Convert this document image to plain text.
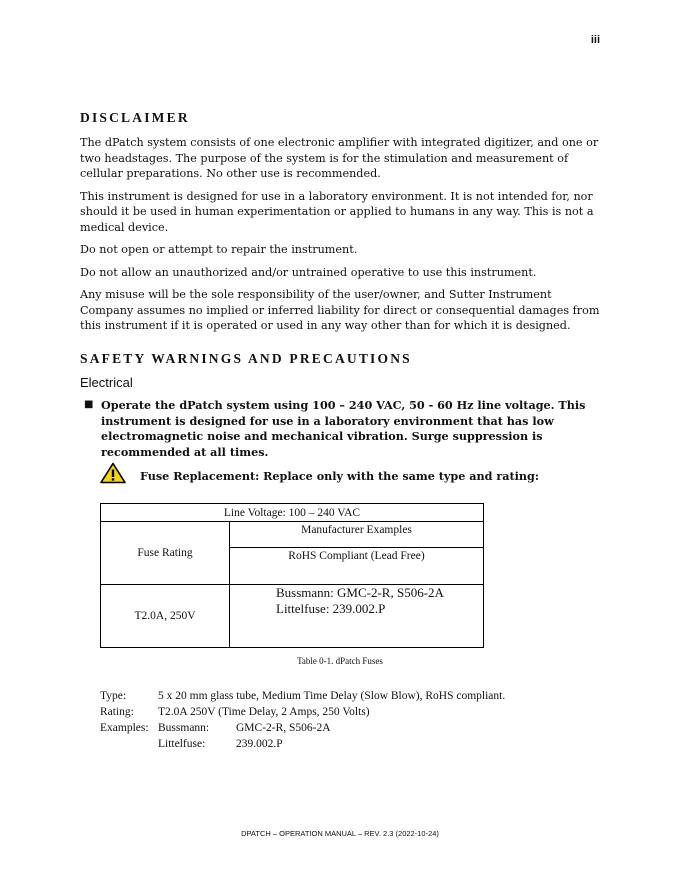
iii
DISCLAIMER

The dPatch system consists of one electronic amplifier with integrated digitizer, and one or two headstages. The purpose of the system is for the stimulation and measurement of cellular preparations. No other use is recommended.

This instrument is designed for use in a laboratory environment. It is not intended for, nor should it be used in human experimentation or applied to humans in any way. This is not a medical device.

Do not open or attempt to repair the instrument.

Do not allow an unauthorized and/or untrained operative to use this instrument.

Any misuse will be the sole responsibility of the user/owner, and Sutter Instrument Company assumes no implied or inferred liability for direct or consequential damages from this instrument if it is operated or used in any way other than for which it is designed.

SAFETY WARNINGS AND PRECAUTIONS
Electrical
■ Operate the dPatch system using 100 – 240 VAC, 50 - 60 Hz line voltage. This instrument is designed for use in a laboratory environment that has low electromagnetic noise and mechanical vibration. Surge suppression is recommended at all times.
Fuse Replacement: Replace only with the same type and rating:
Line Voltage: 100 – 240 VAC	
Fuse Rating	Manufacturer Examples
	RoHS Compliant (Lead Free)
T2.0A, 250V	Bussmann: GMC-2-R, S506-2A
Littelfuse: 239.002.P
Table 0-1. dPatch Fuses
Type:	5 x 20 mm glass tube, Medium Time Delay (Slow Blow), RoHS compliant.
Rating: T2.0A 250V (Time Delay, 2 Amps, 250 Volts)
Examples: Bussmann: GMC-2-R, S506-2A
Littelfuse:	239.002.P
DPATCH – OPERATION MANUAL – REV. 2.3 (2022-10-24)
